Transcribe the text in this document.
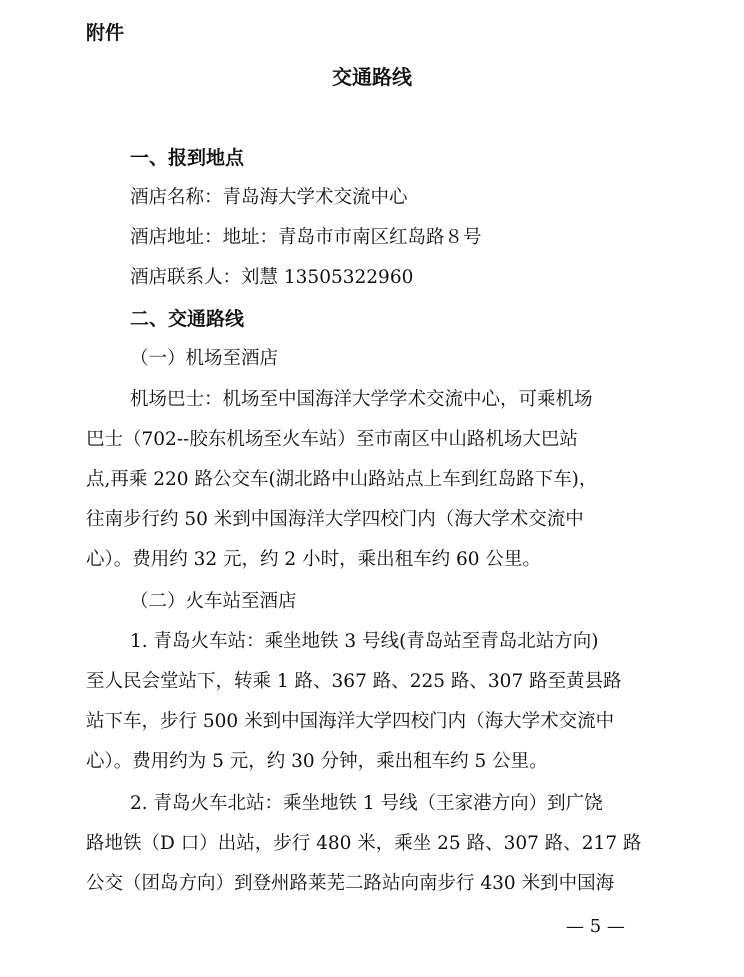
附件
交通路线
一、报到地点
酒店名称：青岛海大学术交流中心
酒店地址：地址：青岛市市南区红岛路８号
酒店联系人：刘慧 13505322960
二、交通路线
（一）机场至酒店
机场巴士：机场至中国海洋大学学术交流中心，可乘机场
巴士（702--胶东机场至火车站）至市南区中山路机场大巴站
点,再乘 220 路公交车(湖北路中山路站点上车到红岛路下车)，
往南步行约 50 米到中国海洋大学四校门内（海大学术交流中
心）。费用约 32 元，约 2 小时，乘出租车约 60 公里。
（二）火车站至酒店
1. 青岛火车站：乘坐地铁 3 号线(青岛站至青岛北站方向)
至人民会堂站下，转乘 1 路、367 路、225 路、307 路至黄县路
站下车，步行 500 米到中国海洋大学四校门内（海大学术交流中
心）。费用约为 5 元，约 30 分钟，乘出租车约 5 公里。
2. 青岛火车北站：乘坐地铁 1 号线（王家港方向）到广饶
路地铁（D 口）出站，步行 480 米，乘坐 25 路、307 路、217 路
公交（团岛方向）到登州路莱芜二路站向南步行 430 米到中国海
— 5 —
